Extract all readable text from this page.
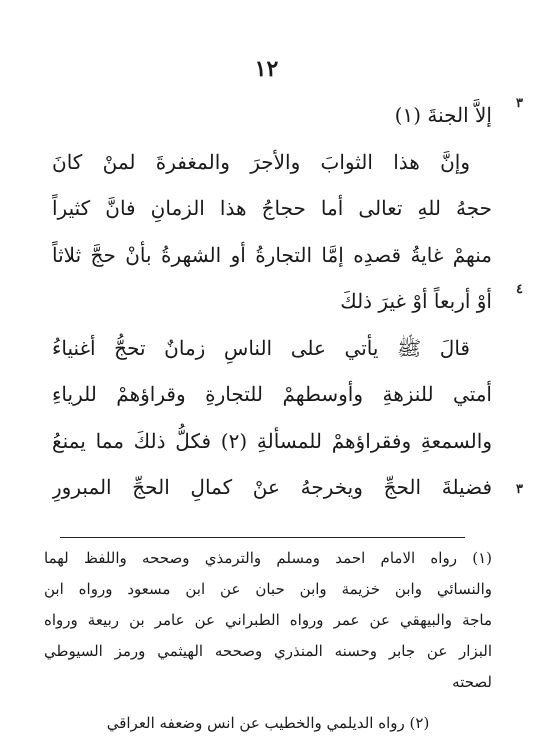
١٢
٣
٤
٣
إلاَّ الجنةَ (١)
وإنَّ هذا الثوابَ والأجرَ والمغفرةَ لمنْ كانَ
حجهُ للهِ تعالى أما حجاجُ هذا الزمانِ فانَّ كثيراً
منهمْ غايةُ قصدِه إمَّا التجارةُ أو الشهرةُ بأنْ حجَّ ثلاثاً
أوْ أربعاً أوْ غيرَ ذلكَ
قالَ ﷺ يأتي على الناسِ زمانٌ تحجُّ أغنياءُ
أمتي للنزهةِ وأوسطهمْ للتجارةِ وقراؤهمْ للرياءِ
والسمعةِ وفقراؤهمْ للمسألةِ (٢) فكلُّ ذلكَ مما يمنعُ
فضيلةَ الحجِّ ويخرجهُ عنْ كمالِ الحجِّ المبرورِ
(١) رواه الامام احمد ومسلم والترمذي وصححه واللفظ لهما
والنسائي وابن خزيمة وابن حبان عن ابن مسعود ورواه ابن
ماجة والبيهقي عن عمر ورواه الطبراني عن عامر بن ربيعة ورواه
البزار عن جابر وحسنه المنذري وصححه الهيثمي ورمز السيوطي
لصحته
(٢) رواه الديلمي والخطيب عن انس وضعفه العراقي
